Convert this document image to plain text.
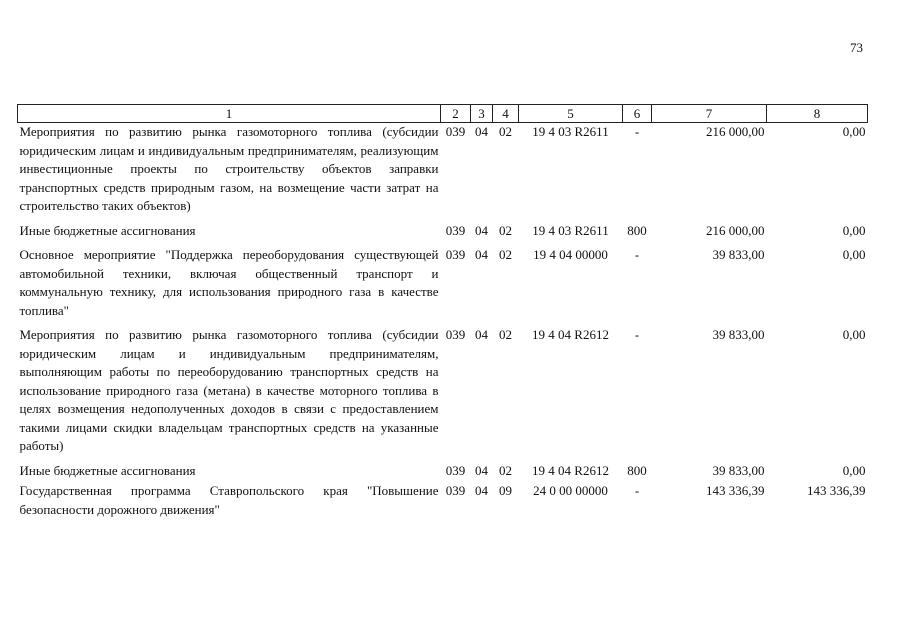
73
1	2	3	4	5	6	7	8
Мероприятия по развитию рынка газомоторного топлива (субсидии юридическим лицам и индивидуальным предпринимателям, реализующим инвестиционные проекты по строительству объектов заправки транспортных средств природным газом, на возмещение части затрат на строительство таких объектов)	039	04	02	19 4 03 R2611	-	216 000,00	0,00
Иные бюджетные ассигнования	039	04	02	19 4 03 R2611	800	216 000,00	0,00
Основное мероприятие "Поддержка переоборудования существующей автомобильной техники, включая общественный транспорт и коммунальную технику, для использования природного газа в качестве топлива"	039	04	02	19 4 04 00000	-	39 833,00	0,00
Мероприятия по развитию рынка газомоторного топлива (субсидии юридическим лицам и индивидуальным предпринимателям, выполняющим работы по переоборудованию транспортных средств на использование природного газа (метана) в качестве моторного топлива в целях возмещения недополученных доходов в связи с предоставлением такими лицами скидки владельцам транспортных средств на указанные работы)	039	04	02	19 4 04 R2612	-	39 833,00	0,00
Иные бюджетные ассигнования	039	04	02	19 4 04 R2612	800	39 833,00	0,00
Государственная программа Ставропольского края "Повышение безопасности дорожного движения"	039	04	09	24 0 00 00000	-	143 336,39	143 336,39
